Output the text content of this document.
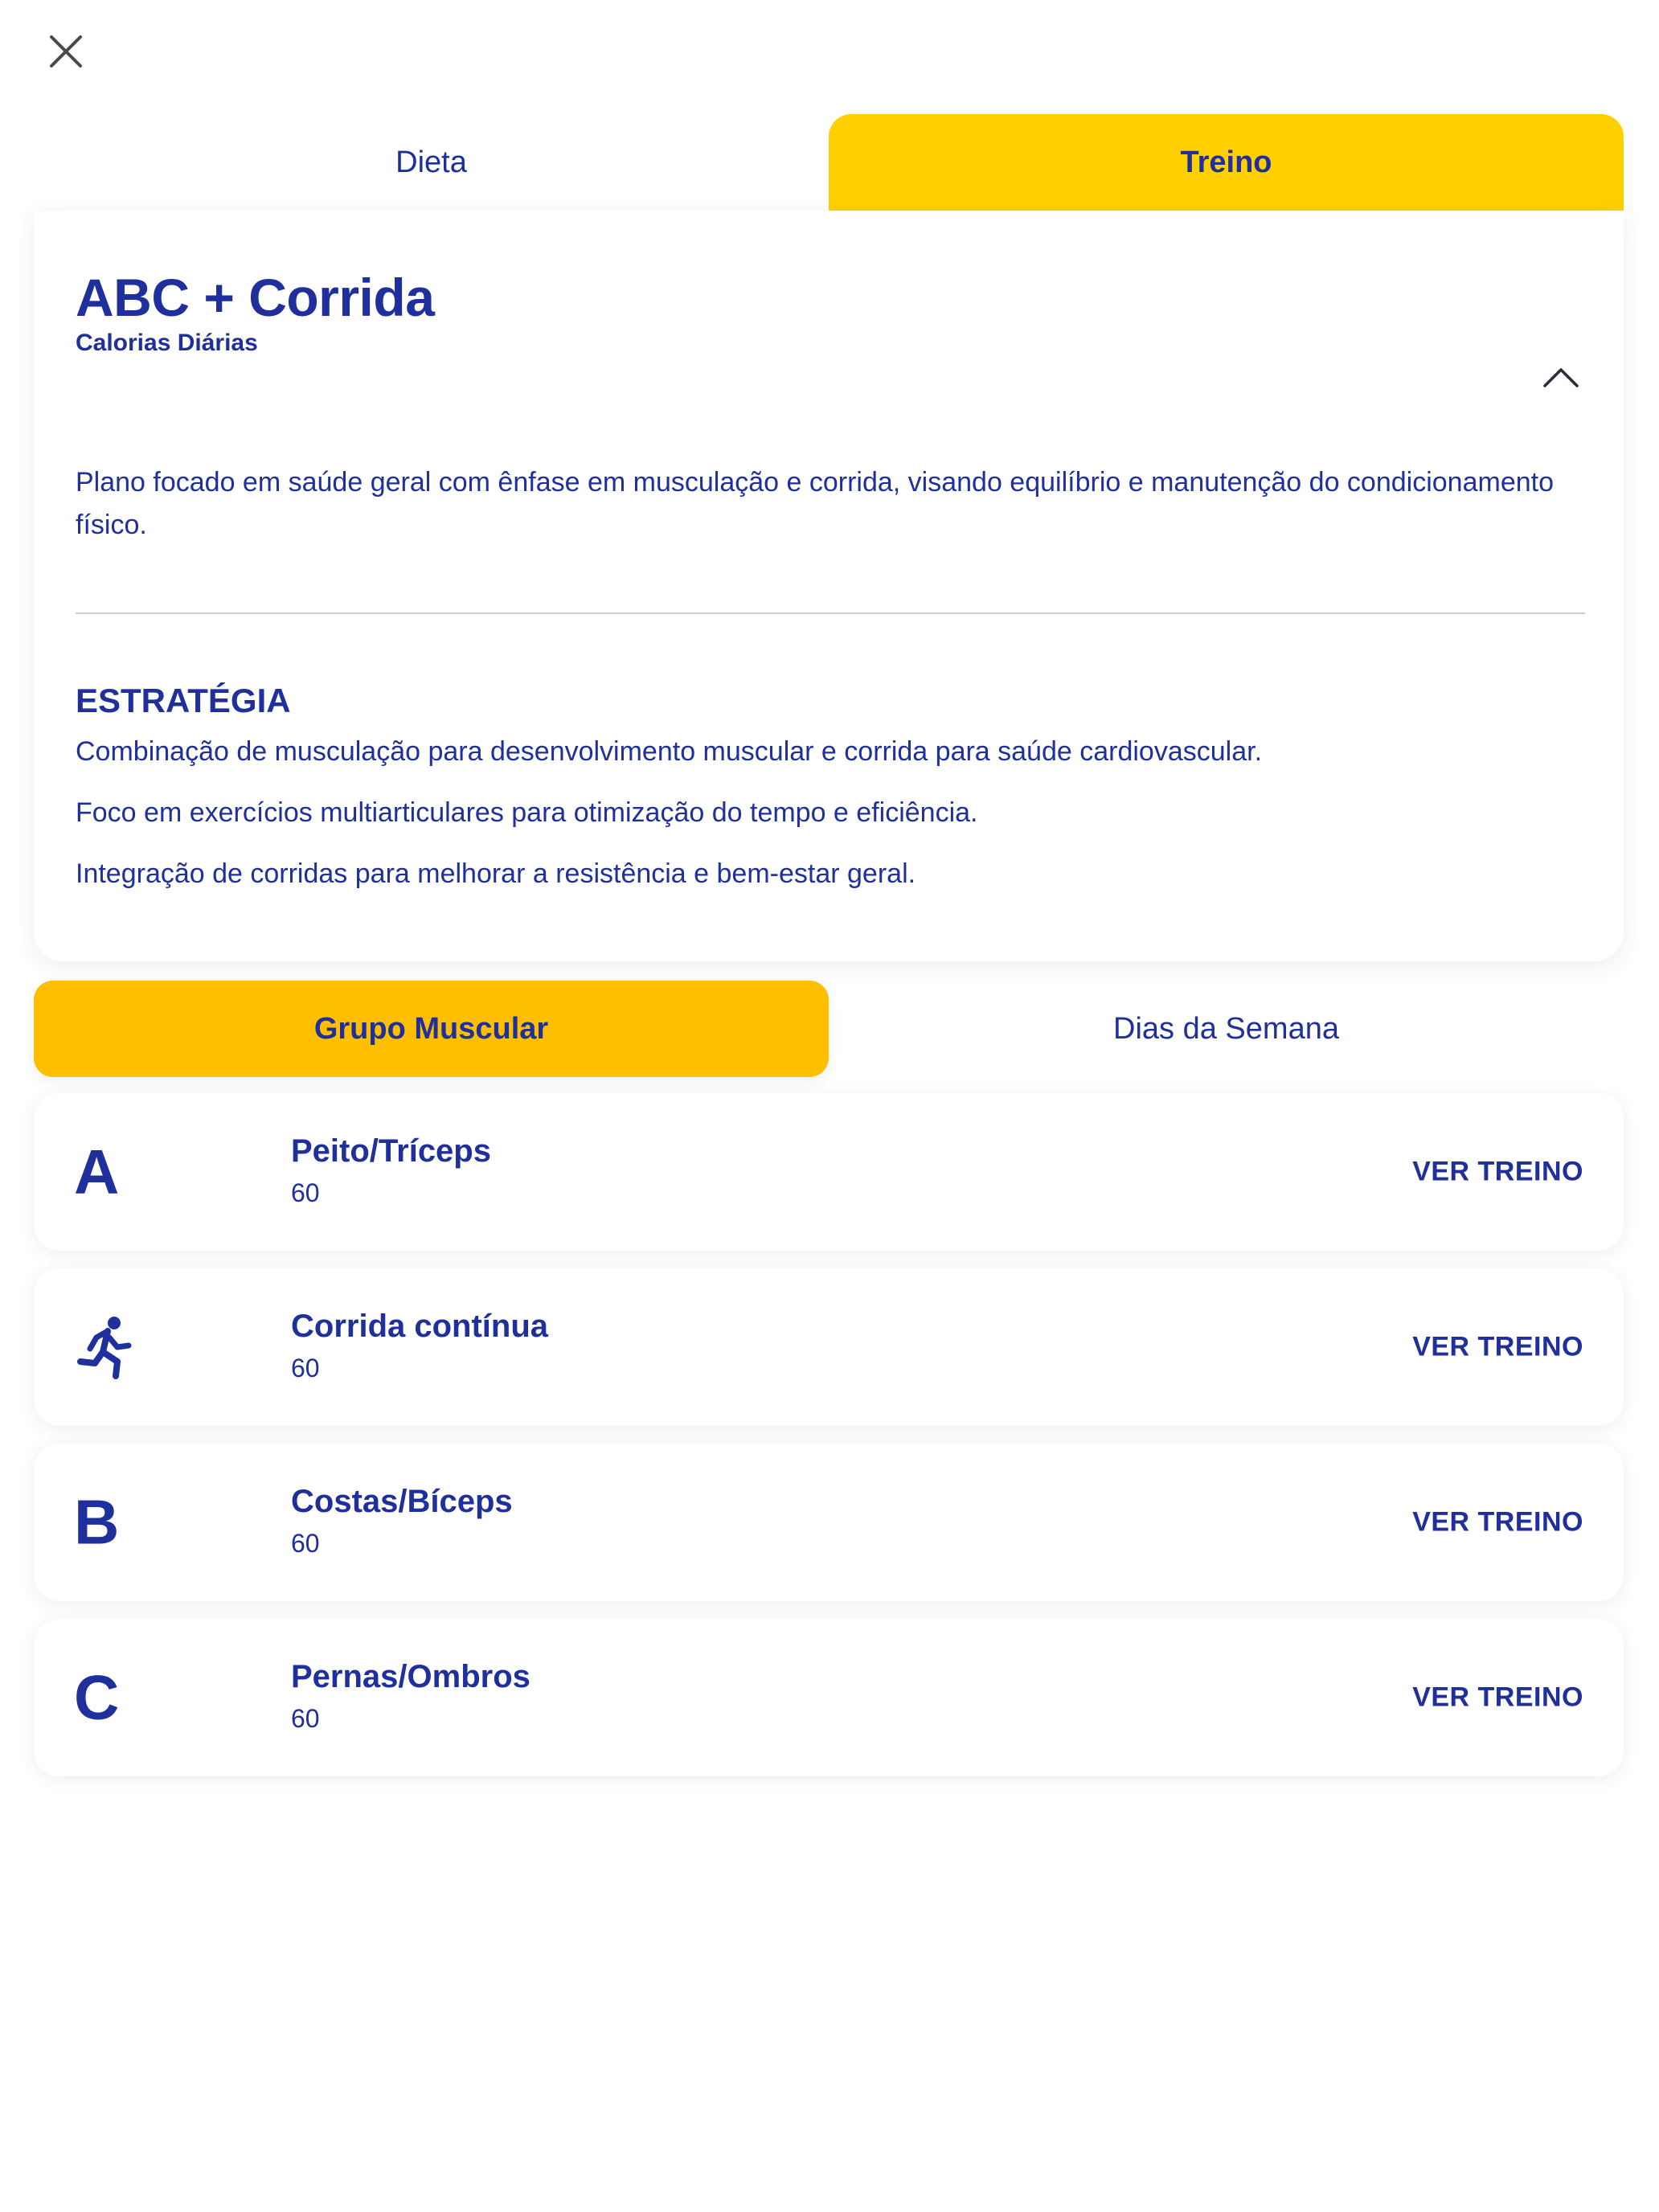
Dieta	Treino
ABC + Corrida
Calorias Diárias
Plano focado em saúde geral com ênfase em musculação e corrida, visando equilíbrio e manutenção do condicionamento físico.
ESTRATÉGIA
Combinação de musculação para desenvolvimento muscular e corrida para saúde cardiovascular.
Foco em exercícios multiarticulares para otimização do tempo e eficiência.
Integração de corridas para melhorar a resistência e bem-estar geral.
Grupo Muscular	Dias da Semana
A	Peito/Tríceps
60
VER TREINO
Corrida contínua
60
VER TREINO
B	Costas/Bíceps
60
VER TREINO
C	Pernas/Ombros
60
VER TREINO
